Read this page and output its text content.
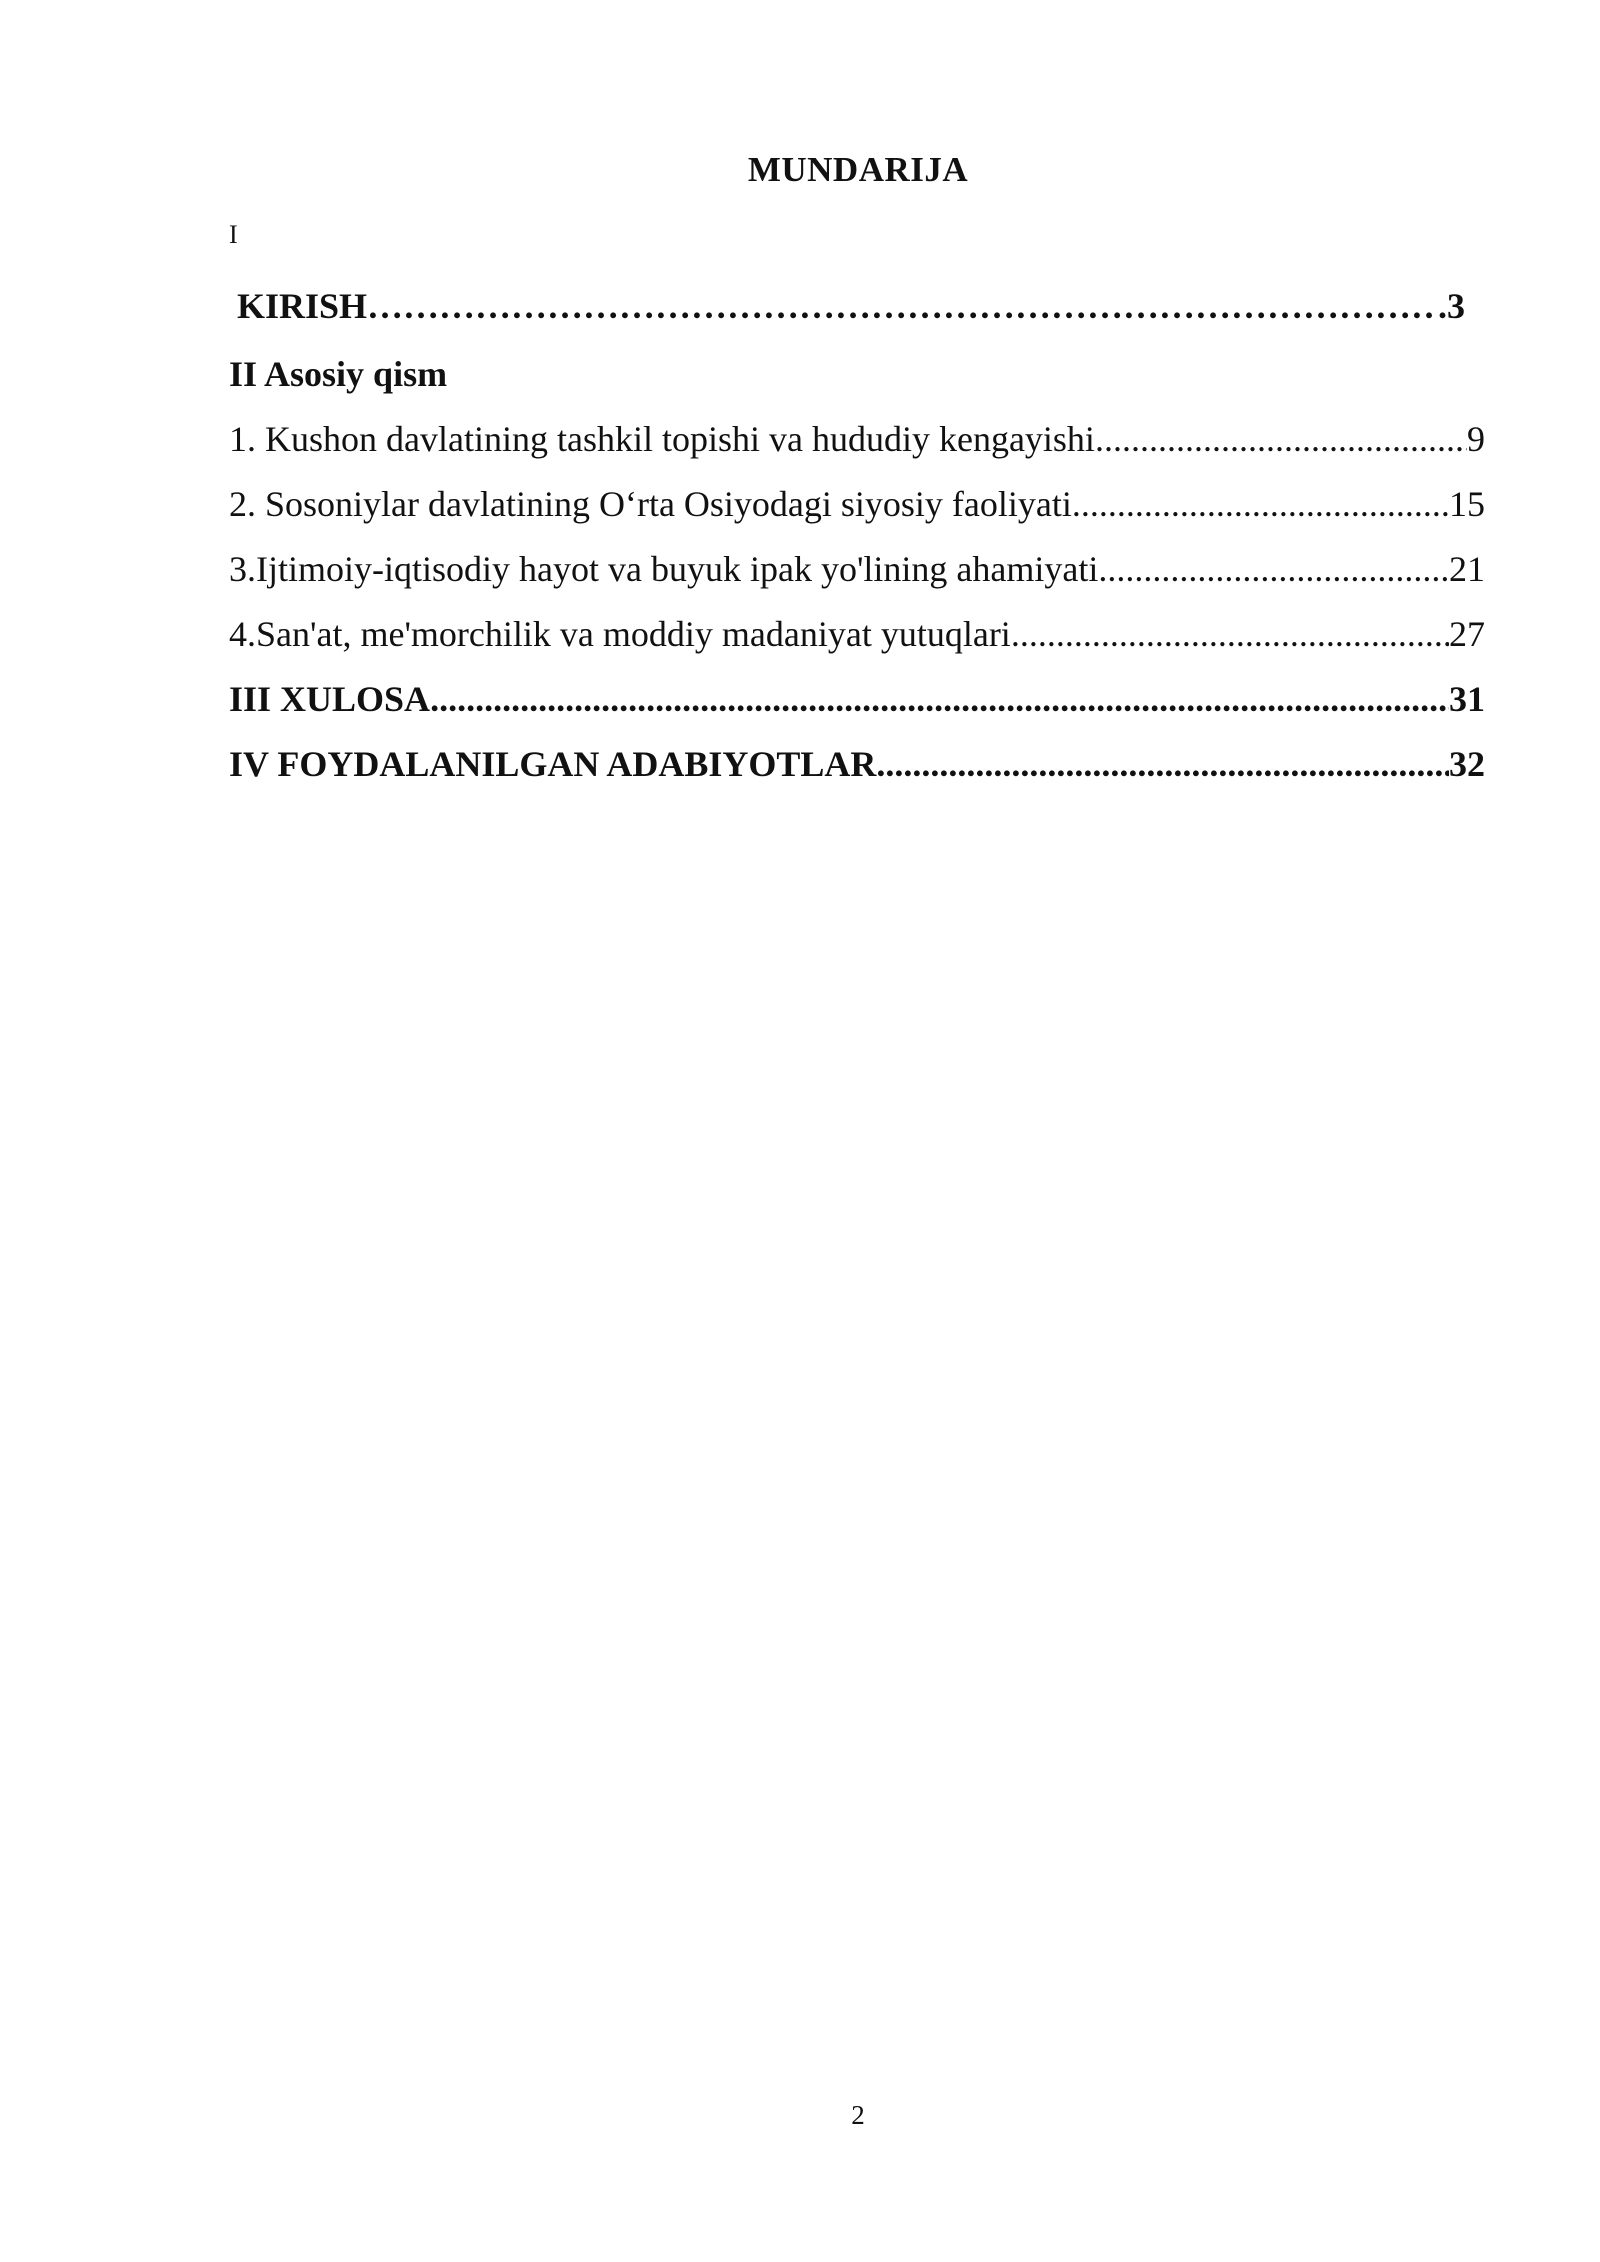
MUNDARIJA
I
KIRISH …………………………………………………………………………………………………………………………………………………………………………………………	.3
II Asosiy qism
1. Kushon davlatining tashkil topishi va hududiy kengayishi .....	9
2. Sosoniylar davlatining O‘rta Osiyodagi siyosiy faoliyati .....	15
3.Ijtimoiy-iqtisodiy hayot va buyuk ipak yo'lining ahamiyati .....	21
4.San'at, me'morchilik va moddiy madaniyat yutuqlari .....	27
III XULOSA .....	31
IV FOYDALANILGAN ADABIYOTLAR .....	32
2
